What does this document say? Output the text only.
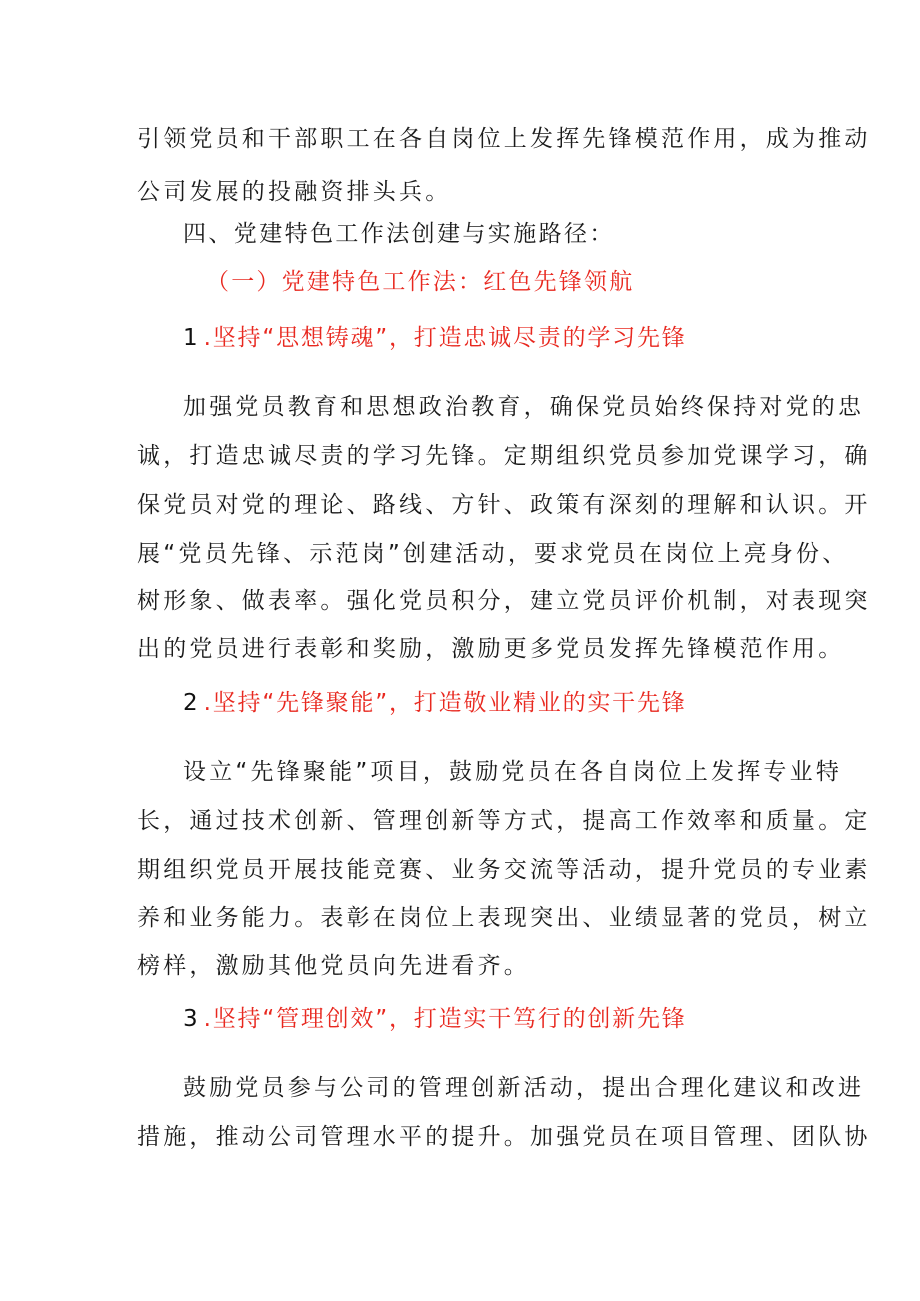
引领党员和干部职工在各自岗位上发挥先锋模范作用，成为推动
公司发展的投融资排头兵。
四、党建特色工作法创建与实施路径：
（一）党建特色工作法：红色先锋领航
1 .坚持“思想铸魂”，打造忠诚尽责的学习先锋
加强党员教育和思想政治教育，确保党员始终保持对党的忠
诚，打造忠诚尽责的学习先锋。定期组织党员参加党课学习，确
保党员对党的理论、路线、方针、政策有深刻的理解和认识。开
展“党员先锋、示范岗”创建活动，要求党员在岗位上亮身份、
树形象、做表率。强化党员积分，建立党员评价机制，对表现突
出的党员进行表彰和奖励，激励更多党员发挥先锋模范作用。
2 .坚持“先锋聚能”，打造敬业精业的实干先锋
设立“先锋聚能”项目，鼓励党员在各自岗位上发挥专业特
长，通过技术创新、管理创新等方式，提高工作效率和质量。定
期组织党员开展技能竞赛、业务交流等活动，提升党员的专业素
养和业务能力。表彰在岗位上表现突出、业绩显著的党员，树立
榜样，激励其他党员向先进看齐。
3 .坚持“管理创效”，打造实干笃行的创新先锋
鼓励党员参与公司的管理创新活动，提出合理化建议和改进
措施，推动公司管理水平的提升。加强党员在项目管理、团队协
